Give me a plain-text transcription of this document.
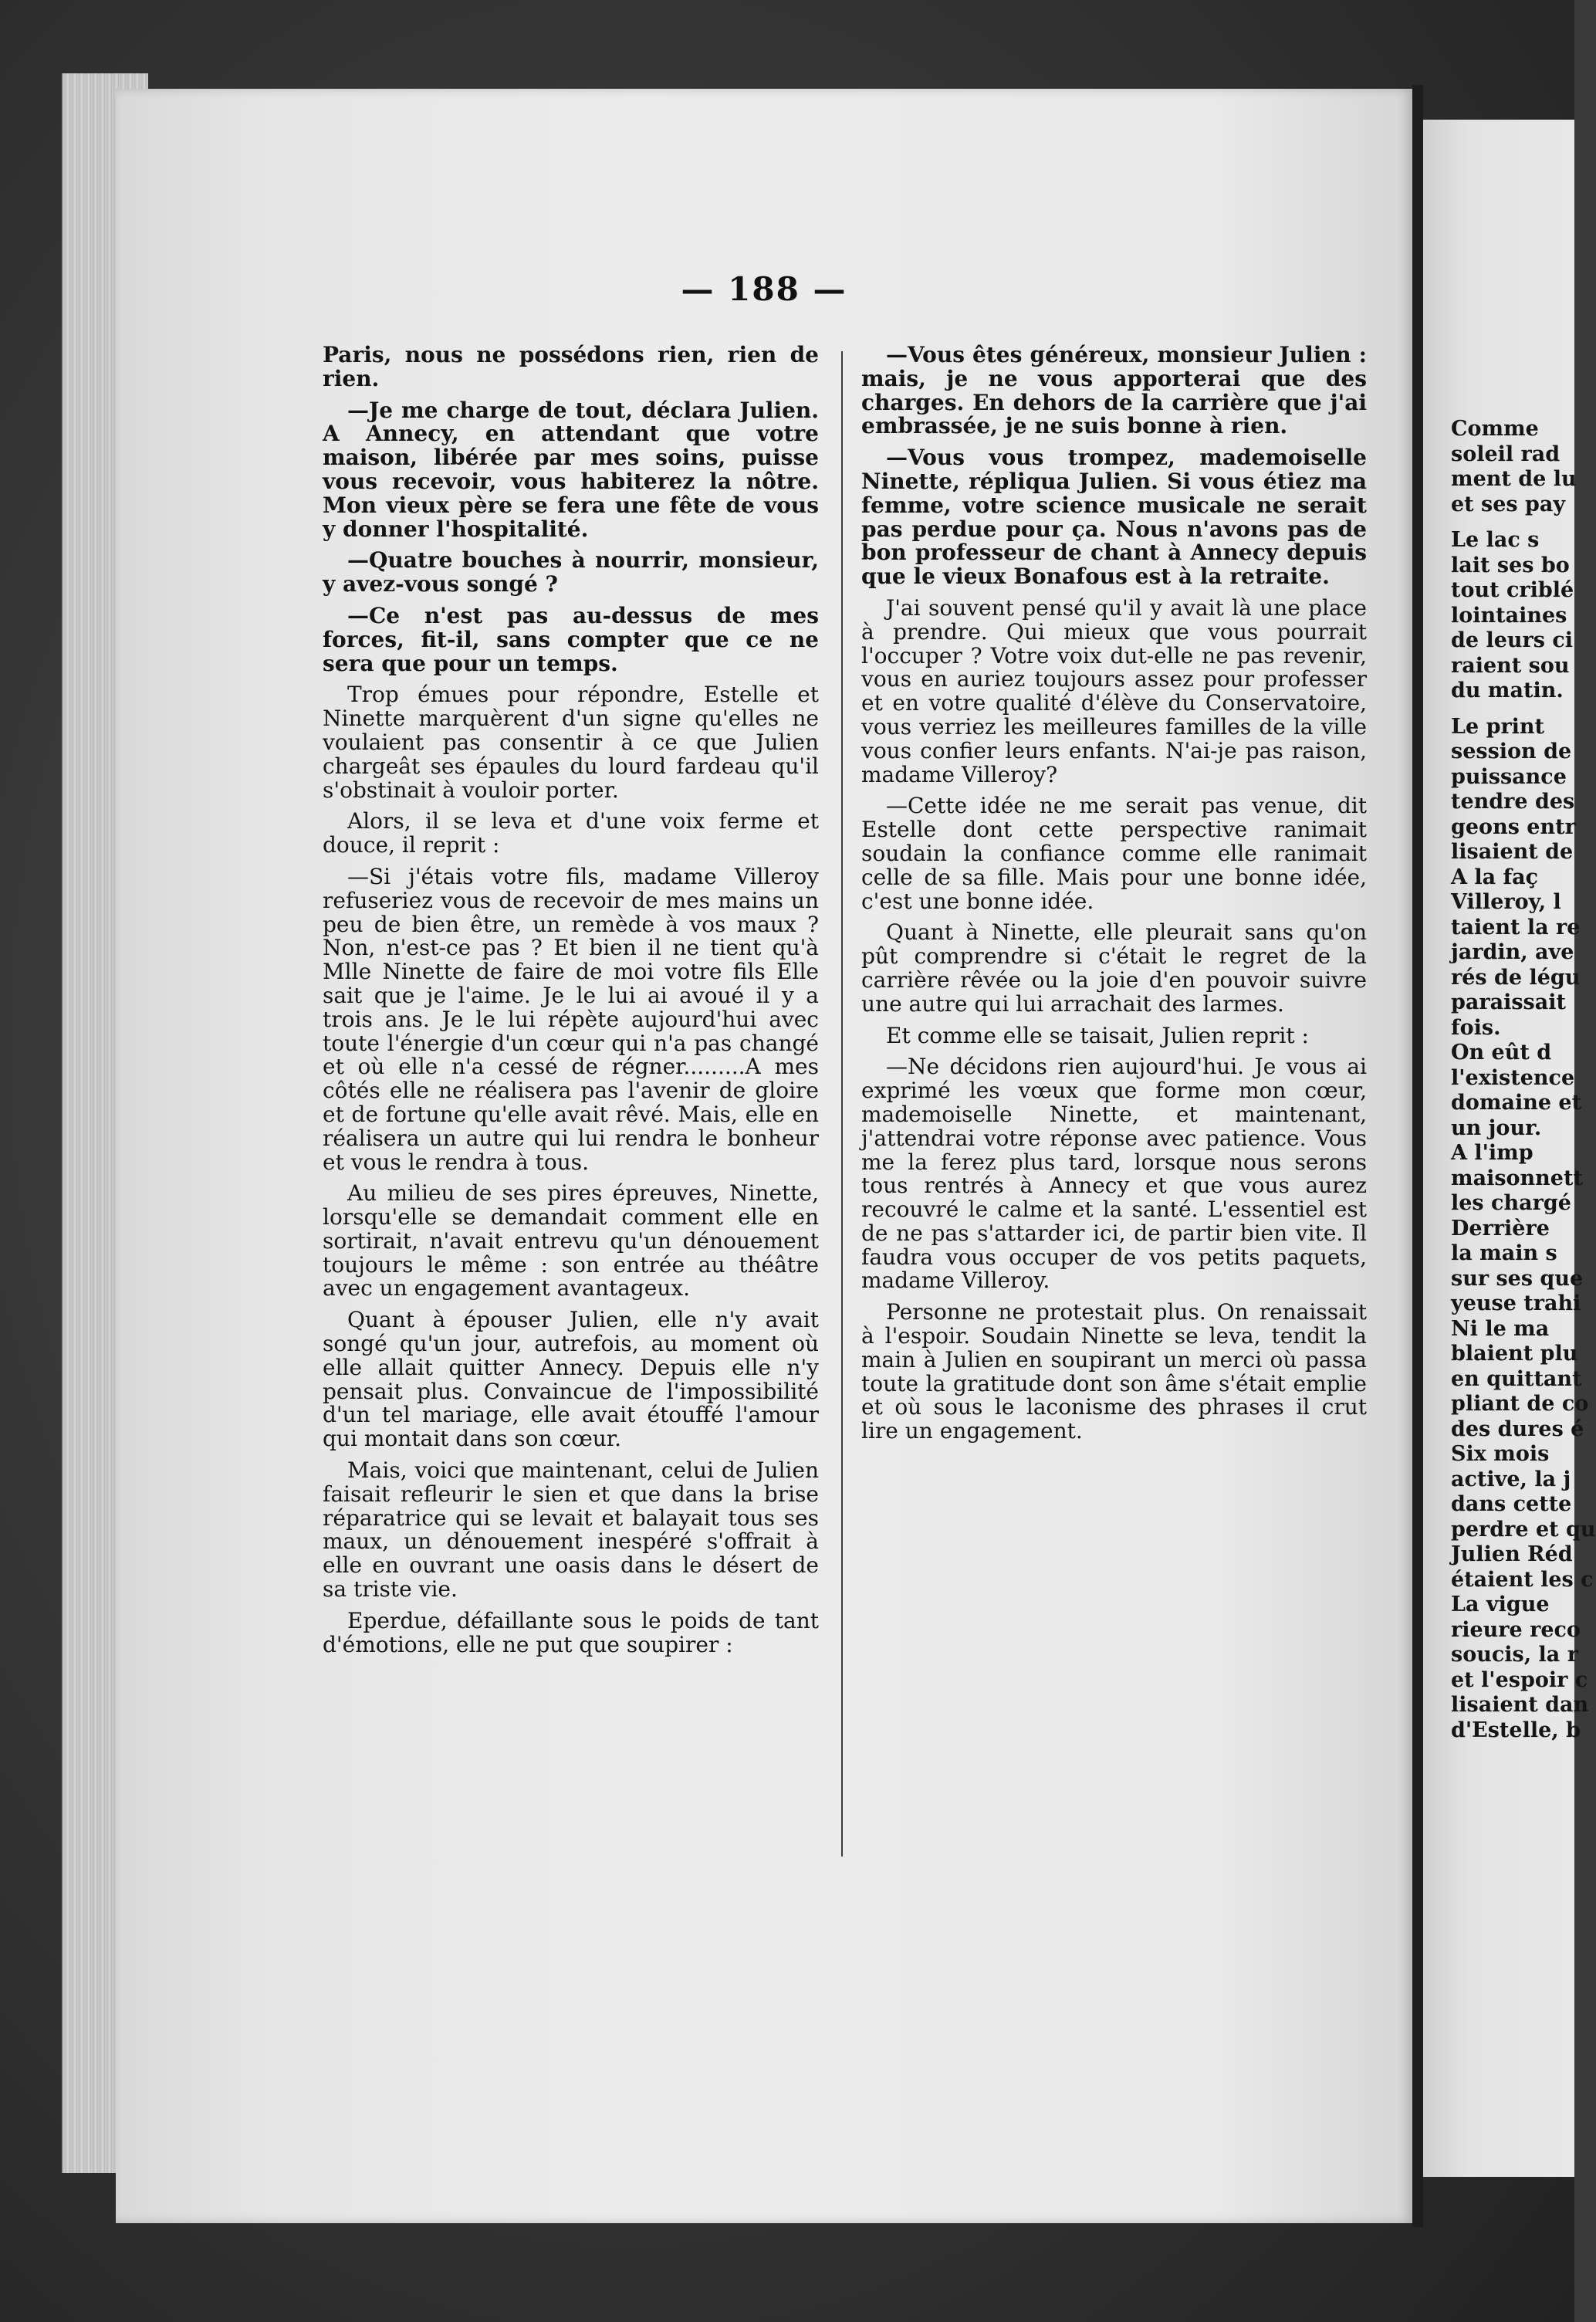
Comme
soleil rad
ment de lu
et ses pay
Le lac s
lait ses bo
tout criblé
lointaines
de leurs ci
raient sou
du matin.
Le print
session de
puissance
tendre des
geons entr
lisaient de
A la faç
Villeroy, l
taient la re
jardin, ave
rés de légu
paraissait
fois.
On eût d
l'existence
domaine et
un jour.
A l'imp
maisonnett
les chargé
Derrière
la main s
sur ses que
yeuse trahi
Ni le ma
blaient plu
en quittant
pliant de co
des dures é
Six mois
active, la j
dans cette
perdre et qu
Julien Réd
étaient les c
La vigue
rieure reco
soucis, la r
et l'espoir c
lisaient dan
d'Estelle, b
— 188 —

Paris, nous ne possédons rien, rien de rien.

—Je me charge de tout, déclara Julien. A Annecy, en attendant que votre maison, libérée par mes soins, puisse vous recevoir, vous habiterez la nôtre. Mon vieux père se fera une fête de vous y donner l'hospitalité.

—Quatre bouches à nourrir, monsieur, y avez-vous songé ?

—Ce n'est pas au-dessus de mes forces, fit-il, sans compter que ce ne sera que pour un temps.

Trop émues pour répondre, Estelle et Ninette marquèrent d'un signe qu'elles ne voulaient pas consentir à ce que Julien chargeât ses épaules du lourd fardeau qu'il s'obstinait à vouloir porter.

Alors, il se leva et d'une voix ferme et douce, il reprit :

—Si j'étais votre fils, madame Villeroy refuseriez vous de recevoir de mes mains un peu de bien être, un remède à vos maux ? Non, n'est-ce pas ? Et bien il ne tient qu'à Mlle Ninette de faire de moi votre fils Elle sait que je l'aime. Je le lui ai avoué il y a trois ans. Je le lui répète aujourd'hui avec toute l'énergie d'un cœur qui n'a pas changé et où elle n'a cessé de régner.........A mes côtés elle ne réalisera pas l'avenir de gloire et de fortune qu'elle avait rêvé. Mais, elle en réalisera un autre qui lui rendra le bonheur et vous le rendra à tous.

Au milieu de ses pires épreuves, Ninette, lorsqu'elle se demandait comment elle en sortirait, n'avait entrevu qu'un dénouement toujours le même : son entrée au théâtre avec un engagement avantageux.

Quant à épouser Julien, elle n'y avait songé qu'un jour, autrefois, au moment où elle allait quitter Annecy. Depuis elle n'y pensait plus. Convaincue de l'impossibilité d'un tel mariage, elle avait étouffé l'amour qui montait dans son cœur.

Mais, voici que maintenant, celui de Julien faisait refleurir le sien et que dans la brise réparatrice qui se levait et balayait tous ses maux, un dénouement inespéré s'offrait à elle en ouvrant une oasis dans le désert de sa triste vie.

Eperdue, défaillante sous le poids de tant d'émotions, elle ne put que soupirer :

—Vous êtes généreux, monsieur Julien : mais, je ne vous apporterai que des charges. En dehors de la carrière que j'ai embrassée, je ne suis bonne à rien.

—Vous vous trompez, mademoiselle Ninette, répliqua Julien. Si vous étiez ma femme, votre science musicale ne serait pas perdue pour ça. Nous n'avons pas de bon professeur de chant à Annecy depuis que le vieux Bonafous est à la retraite.

J'ai souvent pensé qu'il y avait là une place à prendre. Qui mieux que vous pourrait l'occuper ? Votre voix dut-elle ne pas revenir, vous en auriez toujours assez pour professer et en votre qualité d'élève du Conservatoire, vous verriez les meilleures familles de la ville vous confier leurs enfants. N'ai-je pas raison, madame Villeroy?

—Cette idée ne me serait pas venue, dit Estelle dont cette perspective ranimait soudain la confiance comme elle ranimait celle de sa fille. Mais pour une bonne idée, c'est une bonne idée.

Quant à Ninette, elle pleurait sans qu'on pût comprendre si c'était le regret de la carrière rêvée ou la joie d'en pouvoir suivre une autre qui lui arrachait des larmes.

Et comme elle se taisait, Julien reprit :

—Ne décidons rien aujourd'hui. Je vous ai exprimé les vœux que forme mon cœur, mademoiselle Ninette, et maintenant, j'attendrai votre réponse avec patience. Vous me la ferez plus tard, lorsque nous serons tous rentrés à Annecy et que vous aurez recouvré le calme et la santé. L'essentiel est de ne pas s'attarder ici, de partir bien vite. Il faudra vous occuper de vos petits paquets, madame Villeroy.

Personne ne protestait plus. On renaissait à l'espoir. Soudain Ninette se leva, tendit la main à Julien en soupirant un merci où passa toute la gratitude dont son âme s'était emplie et où sous le laconisme des phrases il crut lire un engagement.
